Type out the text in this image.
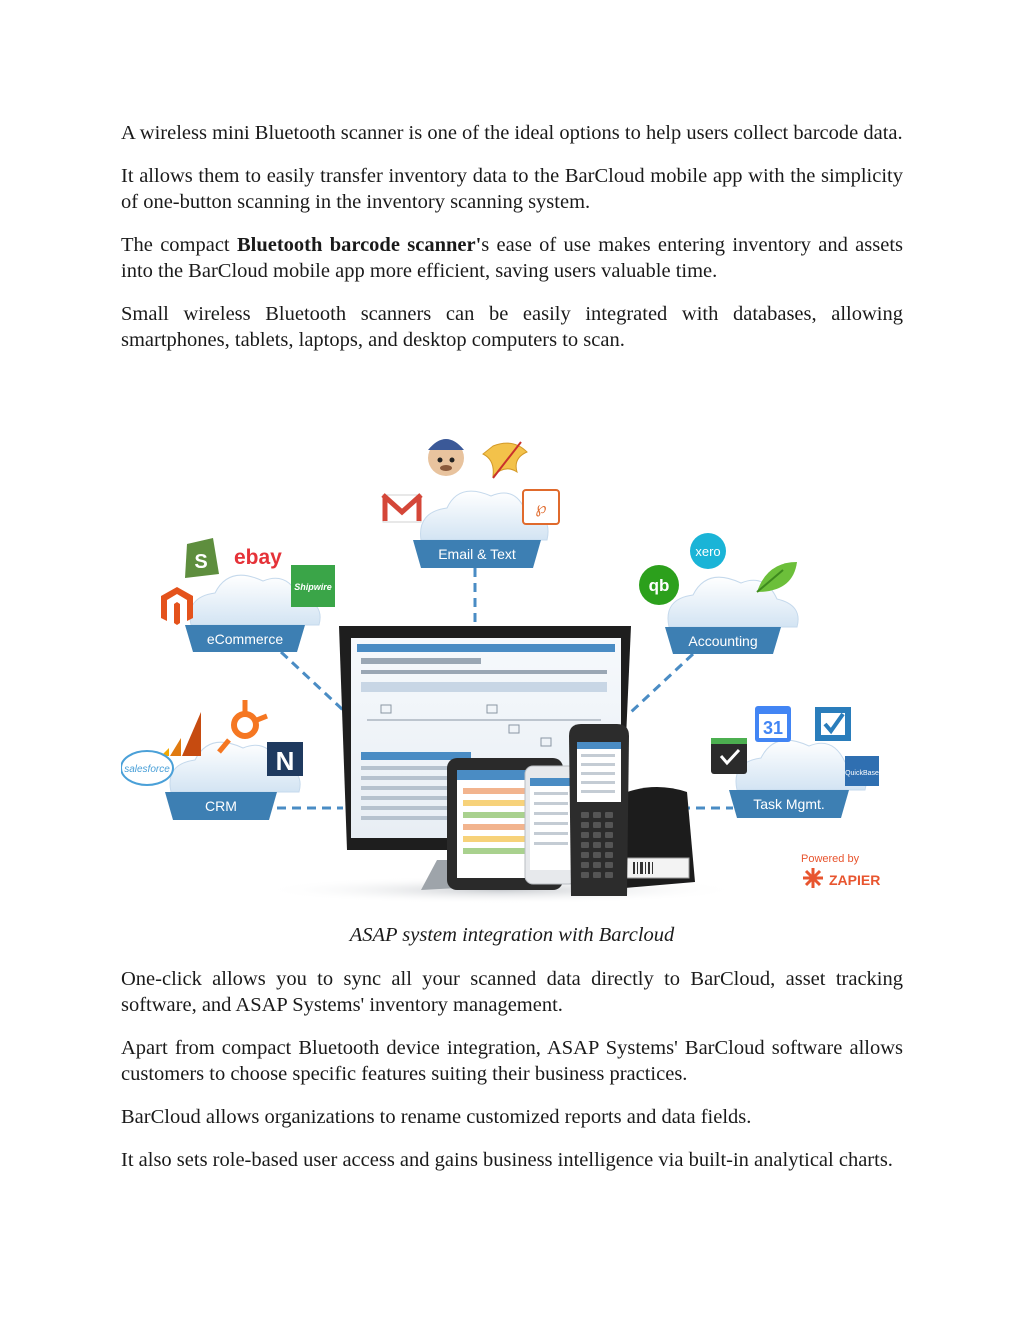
A wireless mini Bluetooth scanner is one of the ideal options to help users collect barcode data.

It allows them to easily transfer inventory data to the BarCloud mobile app with the simplicity of one-button scanning in the inventory scanning system.

The compact Bluetooth barcode scanner's ease of use makes entering inventory and assets into the BarCloud mobile app more efficient, saving users valuable time.

Small wireless Bluetooth scanners can be easily integrated with databases, allowing smartphones, tablets, laptops, and desktop computers to scan.

Email & Text
℘
eCommerce
S ebay
Shipwire
Accounting
xero
qb
CRM
N
salesforce
Task Mgmt.
31
QuickBase
Powered by
ZAPIER

ASAP system integration with Barcloud

One-click allows you to sync all your scanned data directly to BarCloud, asset tracking software, and ASAP Systems' inventory management.

Apart from compact Bluetooth device integration, ASAP Systems' BarCloud software allows customers to choose specific features suiting their business practices.

BarCloud allows organizations to rename customized reports and data fields.

It also sets role-based user access and gains business intelligence via built-in analytical charts.
